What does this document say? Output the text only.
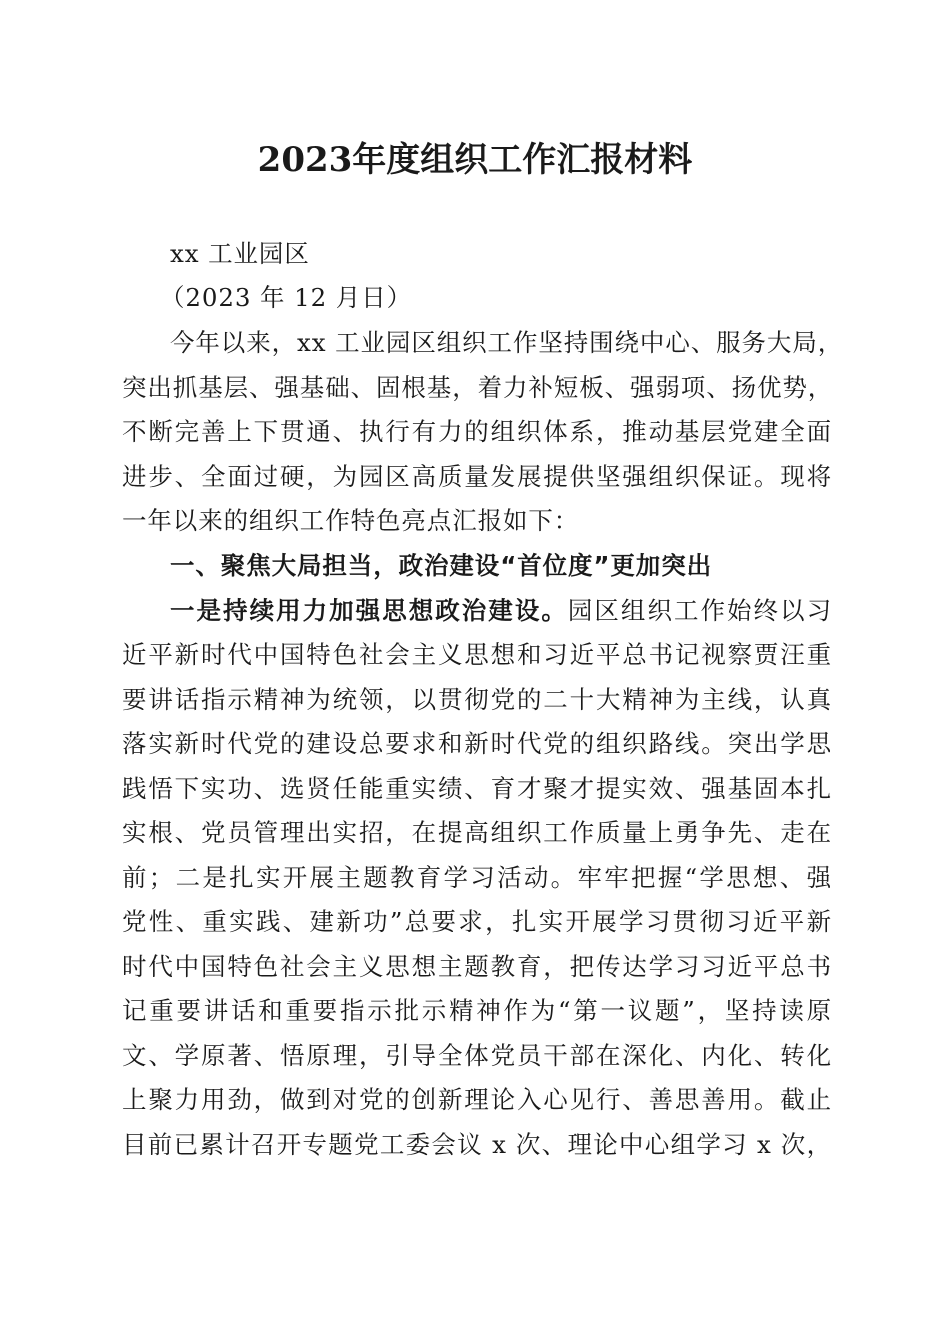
2023年度组织工作汇报材料
xx 工业园区
（2023 年 12 月日）
今年以来，xx 工业园区组织工作坚持围绕中心、服务大局，
突出抓基层、强基础、固根基，着力补短板、强弱项、扬优势，
不断完善上下贯通、执行有力的组织体系，推动基层党建全面
进步、全面过硬，为园区高质量发展提供坚强组织保证。现将
一年以来的组织工作特色亮点汇报如下：
一、聚焦大局担当，政治建设“首位度”更加突出
一是持续用力加强思想政治建设。园区组织工作始终以习
近平新时代中国特色社会主义思想和习近平总书记视察贾汪重
要讲话指示精神为统领，以贯彻党的二十大精神为主线，认真
落实新时代党的建设总要求和新时代党的组织路线。突出学思
践悟下实功、选贤任能重实绩、育才聚才提实效、强基固本扎
实根、党员管理出实招，在提高组织工作质量上勇争先、走在
前；二是扎实开展主题教育学习活动。牢牢把握“学思想、强
党性、重实践、建新功”总要求，扎实开展学习贯彻习近平新
时代中国特色社会主义思想主题教育，把传达学习习近平总书
记重要讲话和重要指示批示精神作为“第一议题”，坚持读原
文、学原著、悟原理，引导全体党员干部在深化、内化、转化
上聚力用劲，做到对党的创新理论入心见行、善思善用。截止
目前已累计召开专题党工委会议 x 次、理论中心组学习 x 次，
